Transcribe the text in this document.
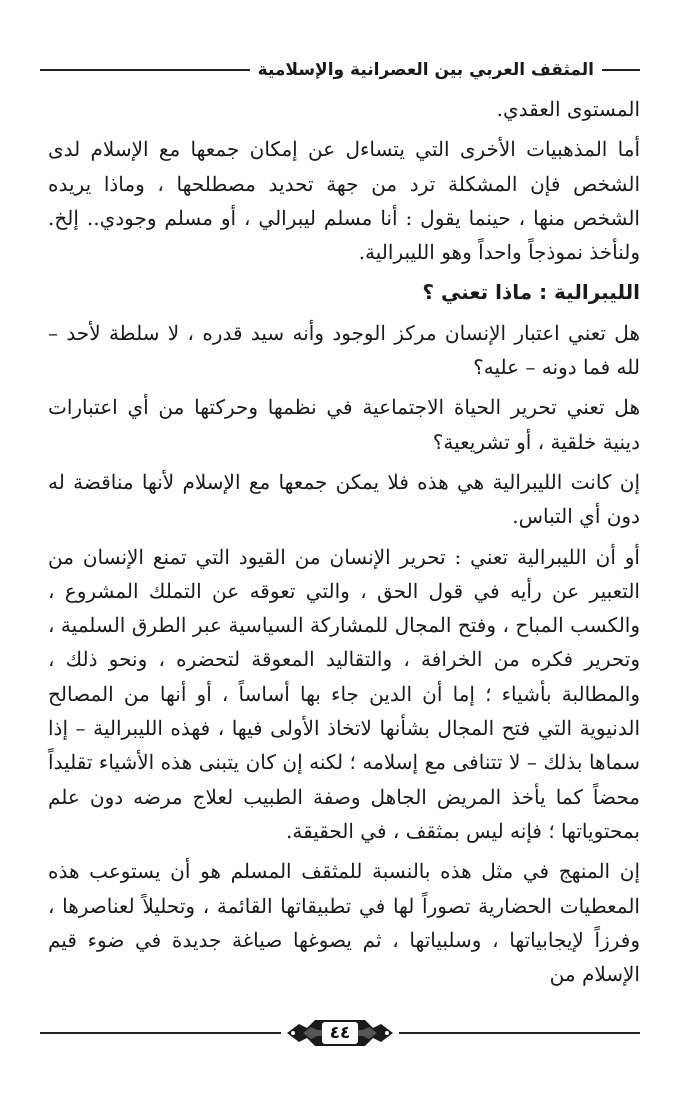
المثقف العربي بين العصرانية والإسلامية

المستوى العقدي.

أما المذهبيات الأخرى التي يتساءل عن إمكان جمعها مع الإسلام لدى الشخص فإن المشكلة ترد من جهة تحديد مصطلحها ، وماذا يريده الشخص منها ، حينما يقول : أنا مسلم ليبرالي ، أو مسلم وجودي.. إلخ. ولنأخذ نموذجاً واحداً وهو الليبرالية.

الليبرالية : ماذا تعني ؟

هل تعني اعتبار الإنسان مركز الوجود وأنه سيد قدره ، لا سلطة لأحد – لله فما دونه – عليه؟

هل تعني تحرير الحياة الاجتماعية في نظمها وحركتها من أي اعتبارات دينية خلقية ، أو تشريعية؟

إن كانت الليبرالية هي هذه فلا يمكن جمعها مع الإسلام لأنها مناقضة له دون أي التباس.

أو أن الليبرالية تعني : تحرير الإنسان من القيود التي تمنع الإنسان من التعبير عن رأيه في قول الحق ، والتي تعوقه عن التملك المشروع ، والكسب المباح ، وفتح المجال للمشاركة السياسية عبر الطرق السلمية ، وتحرير فكره من الخرافة ، والتقاليد المعوقة لتحضره ، ونحو ذلك ، والمطالبة بأشياء ؛ إما أن الدين جاء بها أساساً ، أو أنها من المصالح الدنيوية التي فتح المجال بشأنها لاتخاذ الأولى فيها ، فهذه الليبرالية – إذا سماها بذلك – لا تتنافى مع إسلامه ؛ لكنه إن كان يتبنى هذه الأشياء تقليداً محضاً كما يأخذ المريض الجاهل وصفة الطبيب لعلاج مرضه دون علم بمحتوياتها ؛ فإنه ليس بمثقف ، في الحقيقة.

إن المنهج في مثل هذه بالنسبة للمثقف المسلم هو أن يستوعب هذه المعطيات الحضارية تصوراً لها في تطبيقاتها القائمة ، وتحليلاً لعناصرها ، وفرزاً لإيجابياتها ، وسلبياتها ، ثم يصوغها صياغة جديدة في ضوء قيم الإسلام من

٤٤
